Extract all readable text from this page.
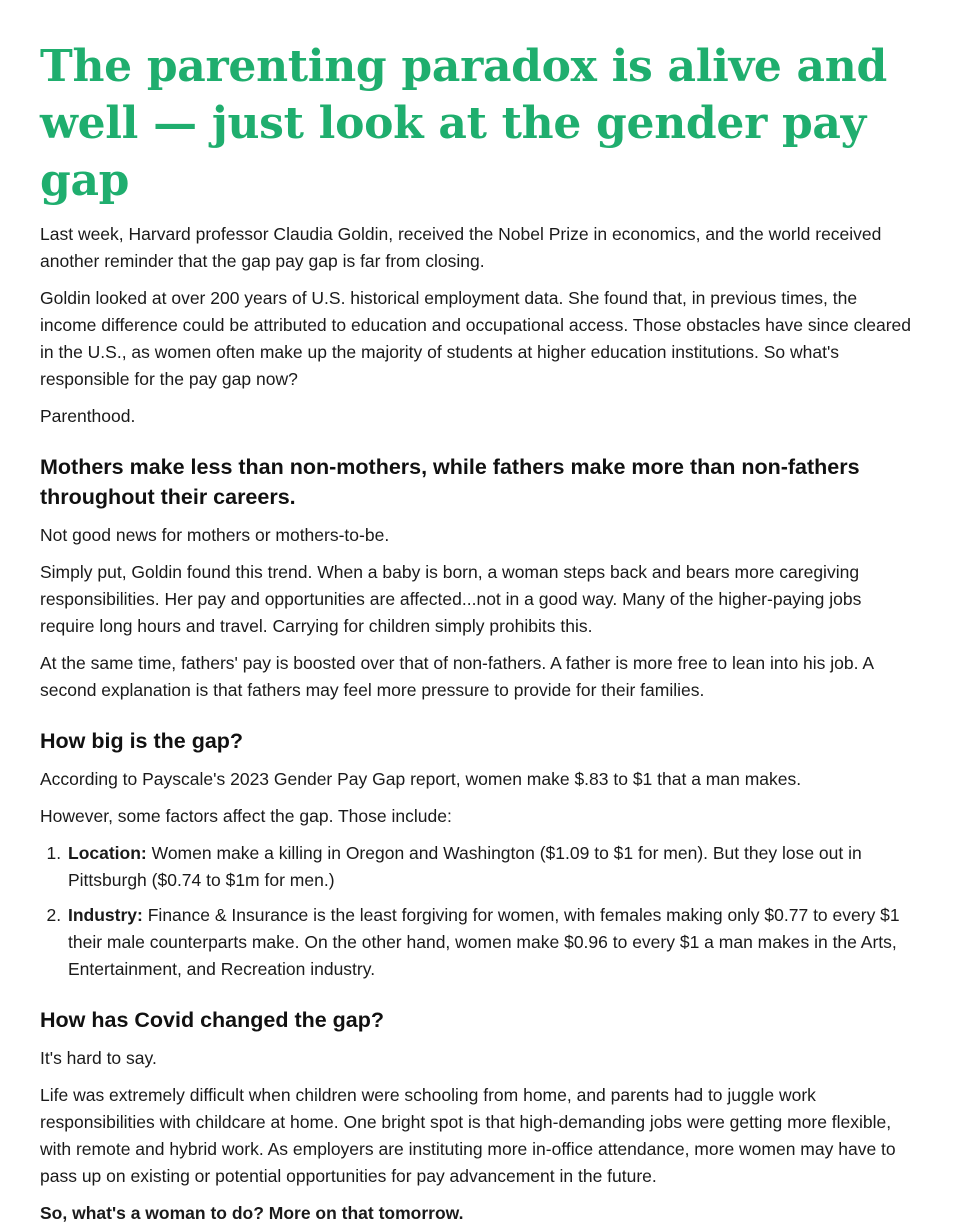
The parenting paradox is alive and well — just look at the gender pay gap

Last week, Harvard professor Claudia Goldin, received the Nobel Prize in economics, and the world received another reminder that the gap pay gap is far from closing.

Goldin looked at over 200 years of U.S. historical employment data. She found that, in previous times, the income difference could be attributed to education and occupational access. Those obstacles have since cleared in the U.S., as women often make up the majority of students at higher education institutions. So what's responsible for the pay gap now?

Parenthood.

Mothers make less than non-mothers, while fathers make more than non-fathers throughout their careers.

Not good news for mothers or mothers-to-be.

Simply put, Goldin found this trend. When a baby is born, a woman steps back and bears more caregiving responsibilities. Her pay and opportunities are affected...not in a good way. Many of the higher-paying jobs require long hours and travel. Carrying for children simply prohibits this.

At the same time, fathers' pay is boosted over that of non-fathers. A father is more free to lean into his job. A second explanation is that fathers may feel more pressure to provide for their families.

How big is the gap?

According to Payscale's 2023 Gender Pay Gap report, women make $.83 to $1 that a man makes.

However, some factors affect the gap. Those include:

1. Location: Women make a killing in Oregon and Washington ($1.09 to $1 for men). But they lose out in Pittsburgh ($0.74 to $1m for men.)
2. Industry: Finance & Insurance is the least forgiving for women, with females making only $0.77 to every $1 their male counterparts make. On the other hand, women make $0.96 to every $1 a man makes in the Arts, Entertainment, and Recreation industry.
How has Covid changed the gap?

It's hard to say.

Life was extremely difficult when children were schooling from home, and parents had to juggle work responsibilities with childcare at home. One bright spot is that high-demanding jobs were getting more flexible, with remote and hybrid work. As employers are instituting more in-office attendance, more women may have to pass up on existing or potential opportunities for pay advancement in the future.

So, what's a woman to do? More on that tomorrow.
